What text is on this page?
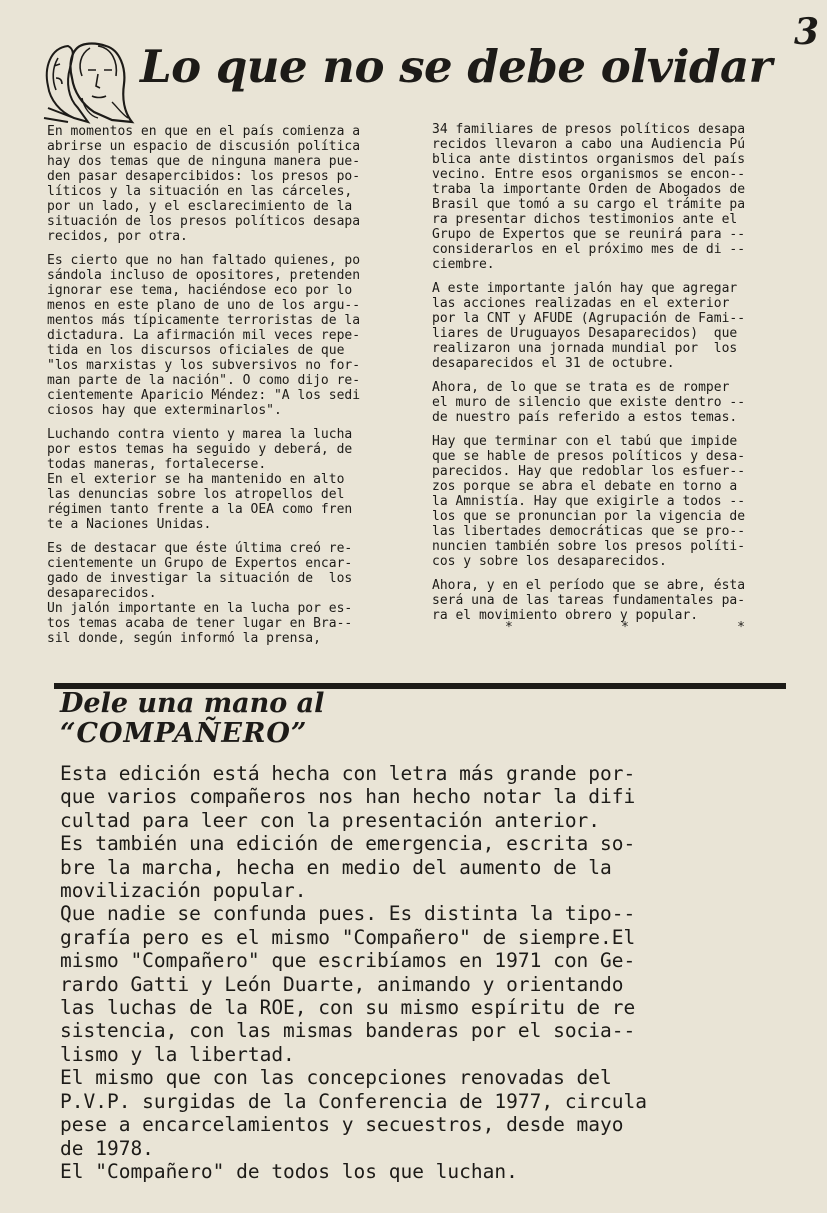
3
Lo que no se debe olvidar

En momentos en que en el país comienza a
abrirse un espacio de discusión política
hay dos temas que de ninguna manera pue-
den pasar desapercibidos: los presos po-
líticos y la situación en las cárceles,
por un lado, y el esclarecimiento de la
situación de los presos políticos desapa
recidos, por otra.

Es cierto que no han faltado quienes, po
sándola incluso de opositores, pretenden
ignorar ese tema, haciéndose eco por lo
menos en este plano de uno de los argu--
mentos más típicamente terroristas de la
dictadura. La afirmación mil veces repe-
tida en los discursos oficiales de que
"los marxistas y los subversivos no for-
man parte de la nación". O como dijo re-
cientemente Aparicio Méndez: "A los sedi
ciosos hay que exterminarlos".

Luchando contra viento y marea la lucha
por estos temas ha seguido y deberá, de
todas maneras, fortalecerse.
En el exterior se ha mantenido en alto
las denuncias sobre los atropellos del
régimen tanto frente a la OEA como fren
te a Naciones Unidas.

Es de destacar que éste última creó re-
cientemente un Grupo de Expertos encar-
gado de investigar la situación de  los
desaparecidos.
Un jalón importante en la lucha por es-
tos temas acaba de tener lugar en Bra--
sil donde, según informó la prensa,

34 familiares de presos políticos desapa
recidos llevaron a cabo una Audiencia Pú
blica ante distintos organismos del país
vecino. Entre esos organismos se encon--
traba la importante Orden de Abogados de
Brasil que tomó a su cargo el trámite pa
ra presentar dichos testimonios ante el
Grupo de Expertos que se reunirá para --
considerarlos en el próximo mes de di --
ciembre.

A este importante jalón hay que agregar
las acciones realizadas en el exterior
por la CNT y AFUDE (Agrupación de Fami--
liares de Uruguayos Desaparecidos)  que
realizaron una jornada mundial por  los
desaparecidos el 31 de octubre.

Ahora, de lo que se trata es de romper
el muro de silencio que existe dentro --
de nuestro país referido a estos temas.

Hay que terminar con el tabú que impide
que se hable de presos políticos y desa-
parecidos. Hay que redoblar los esfuer--
zos porque se abra el debate en torno a
la Amnistía. Hay que exigirle a todos --
los que se pronuncian por la vigencia de
las libertades democráticas que se pro--
nuncien también sobre los presos políti-
cos y sobre los desaparecidos.

Ahora, y en el período que se abre, ésta
será una de las tareas fundamentales pa-
ra el movimiento obrero y popular.

*	*	*
Dele una mano al
“COMPAÑERO”

Esta edición está hecha con letra más grande por-

que varios compañeros nos han hecho notar la difi

cultad para leer con la presentación anterior.

Es también una edición de emergencia, escrita so-

bre la marcha, hecha en medio del aumento de la

movilización popular.

Que nadie se confunda pues. Es distinta la tipo--

grafía pero es el mismo "Compañero" de siempre.El

mismo "Compañero" que escribíamos en 1971 con Ge-

rardo Gatti y León Duarte, animando y orientando

las luchas de la ROE, con su mismo espíritu de re

sistencia, con las mismas banderas por el socia--

lismo y la libertad.

El mismo que con las concepciones renovadas del

P.V.P. surgidas de la Conferencia de 1977, circula

pese a encarcelamientos y secuestros, desde mayo

de 1978.

El "Compañero" de todos los que luchan.
